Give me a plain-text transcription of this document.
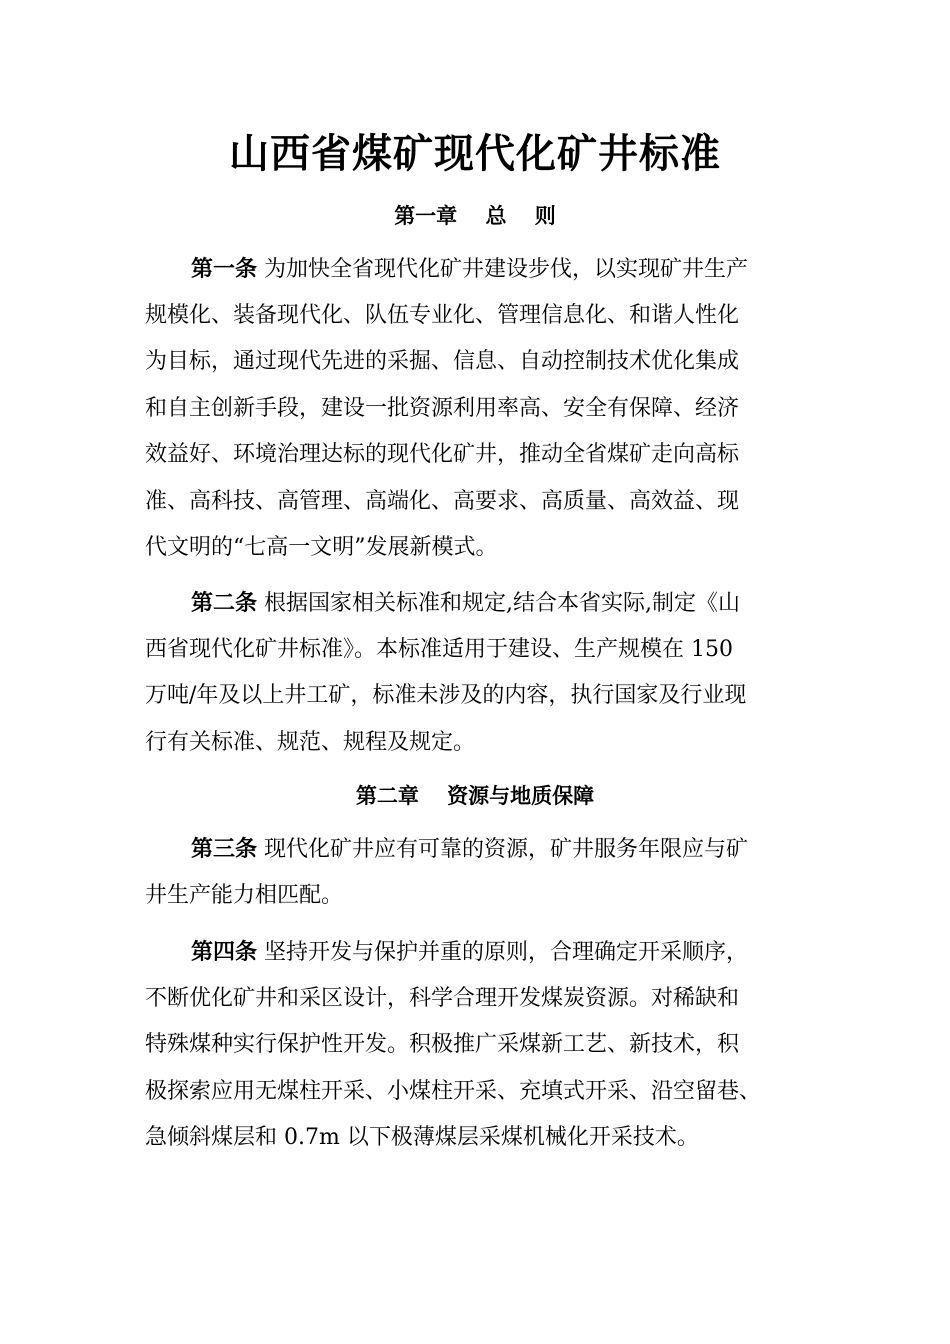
山西省煤矿现代化矿井标准
第一章　 总　 则
第一条 为加快全省现代化矿井建设步伐，以实现矿井生产
规模化、装备现代化、队伍专业化、管理信息化、和谐人性化
为目标，通过现代先进的采掘、信息、自动控制技术优化集成
和自主创新手段，建设一批资源利用率高、安全有保障、经济
效益好、环境治理达标的现代化矿井，推动全省煤矿走向高标
准、高科技、高管理、高端化、高要求、高质量、高效益、现
代文明的“七高一文明”发展新模式。
第二条 根据国家相关标准和规定,结合本省实际,制定《山
西省现代化矿井标准》。本标准适用于建设、生产规模在 150
万吨/年及以上井工矿，标准未涉及的内容，执行国家及行业现
行有关标准、规范、规程及规定。
第二章　 资源与地质保障
第三条 现代化矿井应有可靠的资源，矿井服务年限应与矿
井生产能力相匹配。
第四条 坚持开发与保护并重的原则，合理确定开采顺序，
不断优化矿井和采区设计，科学合理开发煤炭资源。对稀缺和
特殊煤种实行保护性开发。积极推广采煤新工艺、新技术，积
极探索应用无煤柱开采、小煤柱开采、充填式开采、沿空留巷、
急倾斜煤层和 0.7m 以下极薄煤层采煤机械化开采技术。
